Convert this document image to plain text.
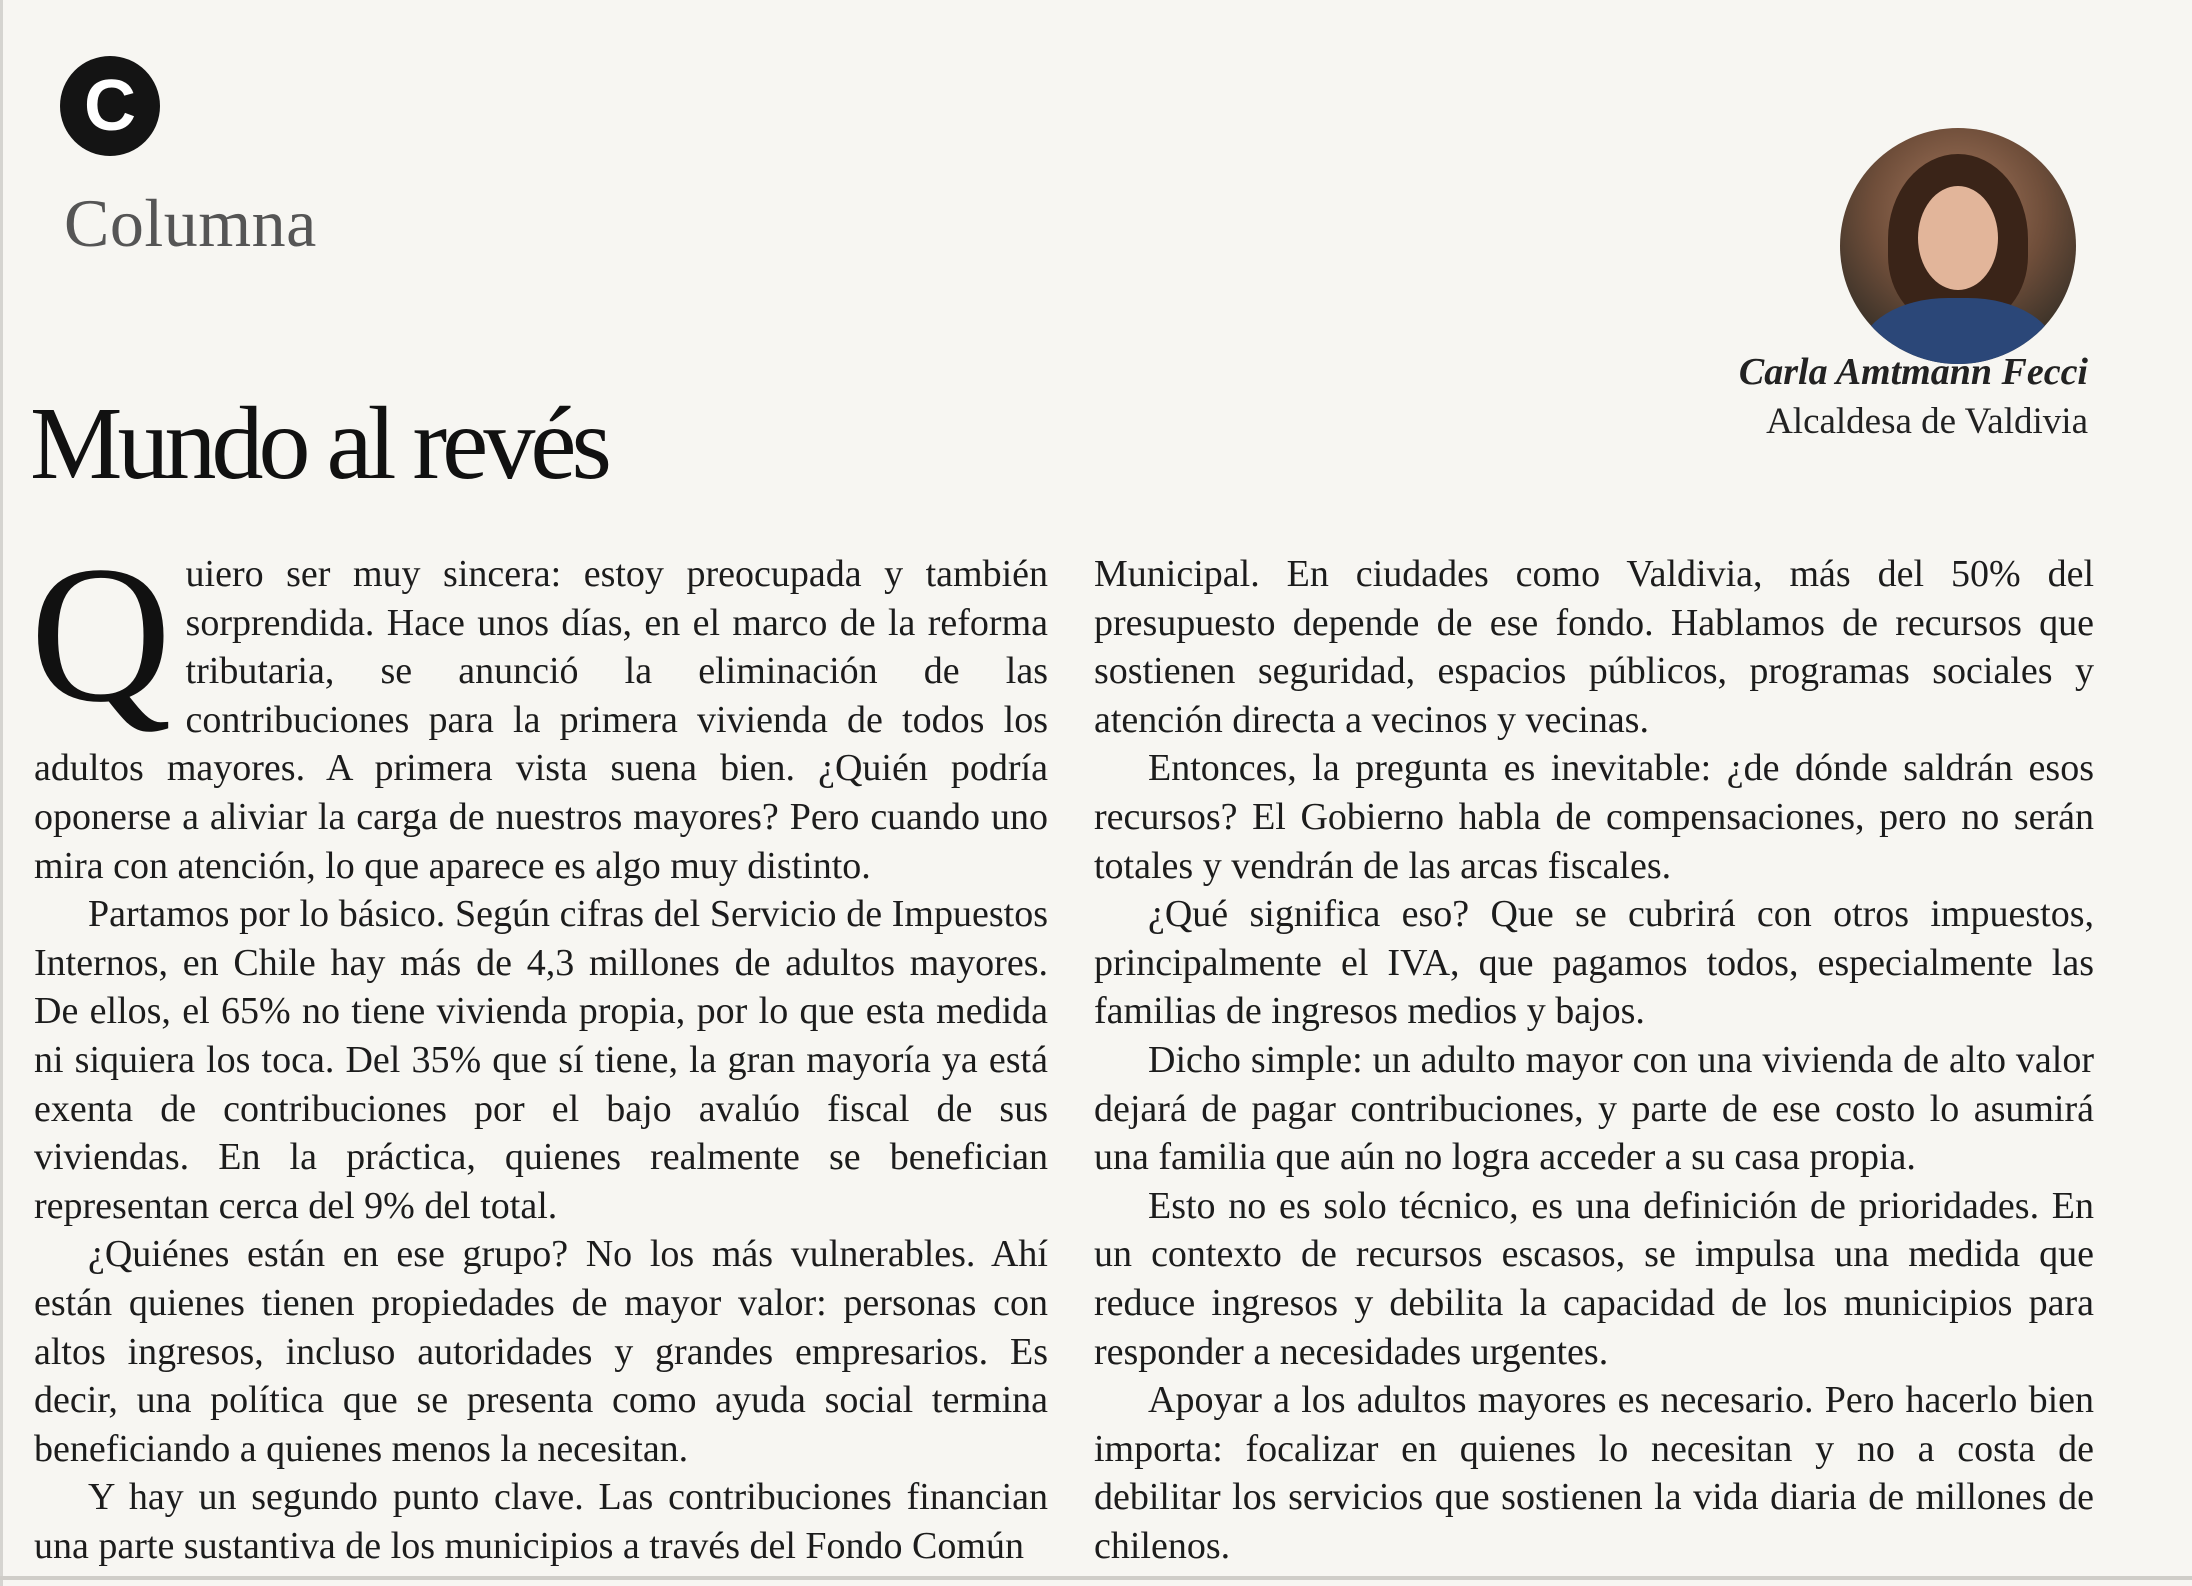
C
Columna
Mundo al revés
Carla Amtmann Fecci
Alcaldesa de Valdivia

Quiero ser muy sincera: estoy preocupada y también sorprendida. Hace unos días, en el marco de la reforma tributaria, se anunció la eliminación de las contribuciones para la primera vivienda de todos los adultos mayores. A primera vista suena bien. ¿Quién podría oponerse a aliviar la carga de nuestros mayores? Pero cuando uno mira con atención, lo que aparece es algo muy distinto.

Partamos por lo básico. Según cifras del Servicio de Impuestos Internos, en Chile hay más de 4,3 millones de adultos mayores. De ellos, el 65% no tiene vivienda propia, por lo que esta medida ni siquiera los toca. Del 35% que sí tiene, la gran mayoría ya está exenta de contribuciones por el bajo avalúo fiscal de sus viviendas. En la práctica, quienes realmente se benefician representan cerca del 9% del total.

¿Quiénes están en ese grupo? No los más vulnerables. Ahí están quienes tienen propiedades de mayor valor: personas con altos ingresos, incluso autoridades y grandes empresarios. Es decir, una política que se presenta como ayuda social termina beneficiando a quienes menos la necesitan.

Y hay un segundo punto clave. Las contribuciones financian una parte sustantiva de los municipios a través del Fondo Común

Municipal. En ciudades como Valdivia, más del 50% del presupuesto depende de ese fondo. Hablamos de recursos que sostienen seguridad, espacios públicos, programas sociales y atención directa a vecinos y vecinas.

Entonces, la pregunta es inevitable: ¿de dónde saldrán esos recursos? El Gobierno habla de compensaciones, pero no serán totales y vendrán de las arcas fiscales.

¿Qué significa eso? Que se cubrirá con otros impuestos, principalmente el IVA, que pagamos todos, especialmente las familias de ingresos medios y bajos.

Dicho simple: un adulto mayor con una vivienda de alto valor dejará de pagar contribuciones, y parte de ese costo lo asumirá una familia que aún no logra acceder a su casa propia.

Esto no es solo técnico, es una definición de prioridades. En un contexto de recursos escasos, se impulsa una medida que reduce ingresos y debilita la capacidad de los municipios para responder a necesidades urgentes.

Apoyar a los adultos mayores es necesario. Pero hacerlo bien importa: focalizar en quienes lo necesitan y no a costa de debilitar los servicios que sostienen la vida diaria de millones de chilenos.
